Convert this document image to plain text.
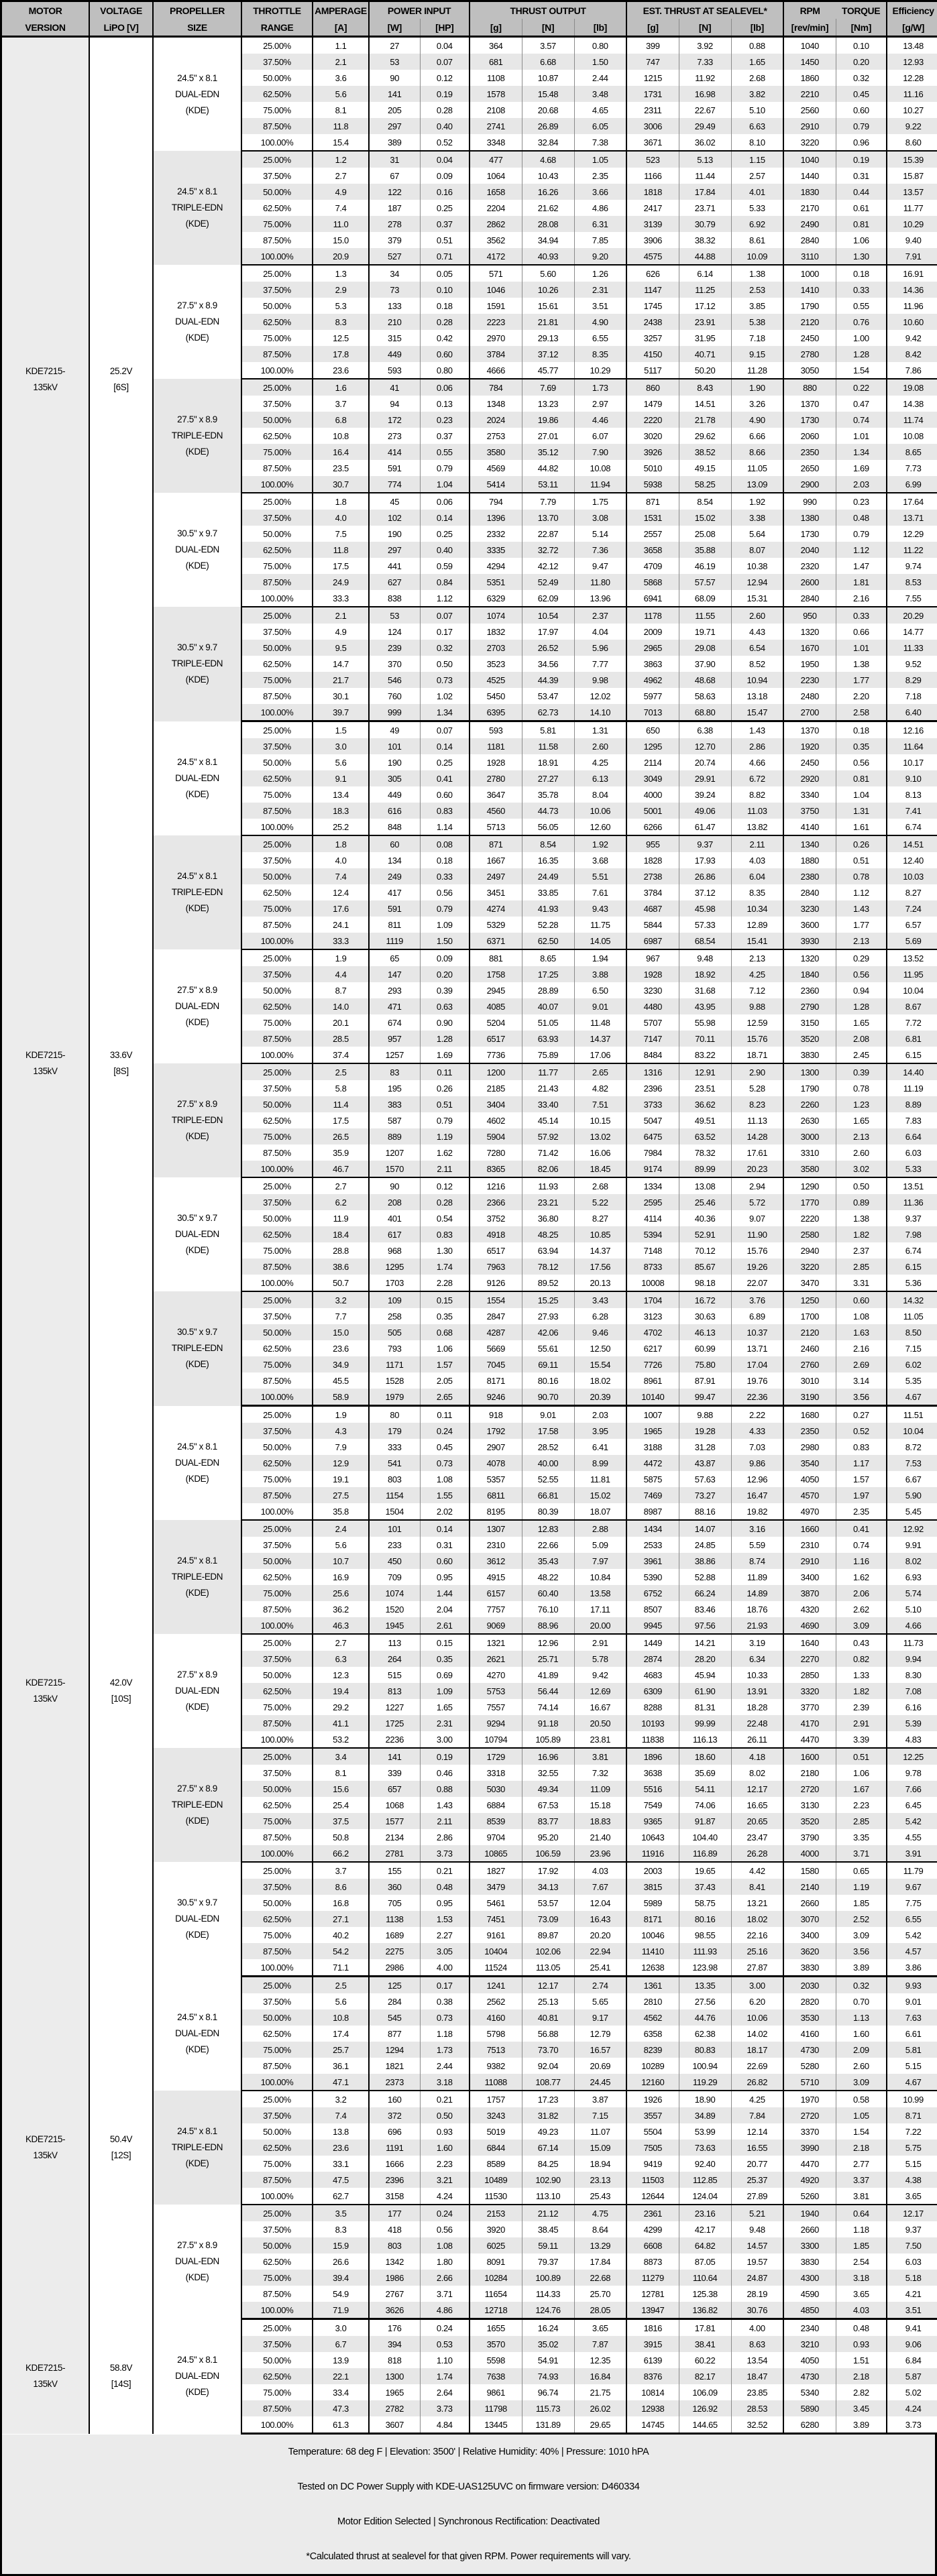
MOTOR	VOLTAGE	PROPELLER	THROTTLE	AMPERAGE	POWER INPUT		THRUST OUTPUT			EST. THRUST AT SEALEVEL*			RPM	TORQUE	Efficiency
VERSION	LiPO [V]	SIZE	RANGE	[A]	[W]	[HP]	[g]	[N]	[lb]	[g]	[N]	[lb]	[rev/min]	[Nm]	[g/W]

KDE7215-
135kV

25.2V
[6S]

24.5" x 8.1
DUAL-EDN
(KDE)
	25.00%	1.1	27	0.04	364	3.57	0.80	399	3.92	0.88	1040	0.10	13.48
			37.50%	2.1	53	0.07	681	6.68	1.50	747	7.33	1.65	1450	0.20	12.93
			50.00%	3.6	90	0.12	1108	10.87	2.44	1215	11.92	2.68	1860	0.32	12.28
			62.50%	5.6	141	0.19	1578	15.48	3.48	1731	16.98	3.82	2210	0.45	11.16
			75.00%	8.1	205	0.28	2108	20.68	4.65	2311	22.67	5.10	2560	0.60	10.27
			87.50%	11.8	297	0.40	2741	26.89	6.05	3006	29.49	6.63	2910	0.79	9.22
			100.00%	15.4	389	0.52	3348	32.84	7.38	3671	36.02	8.10	3220	0.96	8.60

		24.5" x 8.1
TRIPLE-EDN
(KDE)	25.00%	1.2	31	0.04	477	4.68	1.05	523	5.13	1.15	1040	0.19	15.39
			37.50%	2.7	67	0.09	1064	10.43	2.35	1166	11.44	2.57	1440	0.31	15.87
			50.00%	4.9	122	0.16	1658	16.26	3.66	1818	17.84	4.01	1830	0.44	13.57
			62.50%	7.4	187	0.25	2204	21.62	4.86	2417	23.71	5.33	2170	0.61	11.77
			75.00%	11.0	278	0.37	2862	28.08	6.31	3139	30.79	6.92	2490	0.81	10.29
			87.50%	15.0	379	0.51	3562	34.94	7.85	3906	38.32	8.61	2840	1.06	9.40
			100.00%	20.9	527	0.71	4172	40.93	9.20	4575	44.88	10.09	3110	1.30	7.91

		27.5" x 8.9
DUAL-EDN
(KDE)	25.00%	1.3	34	0.05	571	5.60	1.26	626	6.14	1.38	1000	0.18	16.91
			37.50%	2.9	73	0.10	1046	10.26	2.31	1147	11.25	2.53	1410	0.33	14.36
			50.00%	5.3	133	0.18	1591	15.61	3.51	1745	17.12	3.85	1790	0.55	11.96
			62.50%	8.3	210	0.28	2223	21.81	4.90	2438	23.91	5.38	2120	0.76	10.60
			75.00%	12.5	315	0.42	2970	29.13	6.55	3257	31.95	7.18	2450	1.00	9.42
			87.50%	17.8	449	0.60	3784	37.12	8.35	4150	40.71	9.15	2780	1.28	8.42
			100.00%	23.6	593	0.80	4666	45.77	10.29	5117	50.20	11.28	3050	1.54	7.86

		27.5" x 8.9
TRIPLE-EDN
(KDE)	25.00%	1.6	41	0.06	784	7.69	1.73	860	8.43	1.90	880	0.22	19.08
			37.50%	3.7	94	0.13	1348	13.23	2.97	1479	14.51	3.26	1370	0.47	14.38
			50.00%	6.8	172	0.23	2024	19.86	4.46	2220	21.78	4.90	1730	0.74	11.74
			62.50%	10.8	273	0.37	2753	27.01	6.07	3020	29.62	6.66	2060	1.01	10.08
			75.00%	16.4	414	0.55	3580	35.12	7.90	3926	38.52	8.66	2350	1.34	8.65
			87.50%	23.5	591	0.79	4569	44.82	10.08	5010	49.15	11.05	2650	1.69	7.73
			100.00%	30.7	774	1.04	5414	53.11	11.94	5938	58.25	13.09	2900	2.03	6.99

		30.5" x 9.7
DUAL-EDN
(KDE)	25.00%	1.8	45	0.06	794	7.79	1.75	871	8.54	1.92	990	0.23	17.64
			37.50%	4.0	102	0.14	1396	13.70	3.08	1531	15.02	3.38	1380	0.48	13.71
			50.00%	7.5	190	0.25	2332	22.87	5.14	2557	25.08	5.64	1730	0.79	12.29
			62.50%	11.8	297	0.40	3335	32.72	7.36	3658	35.88	8.07	2040	1.12	11.22
			75.00%	17.5	441	0.59	4294	42.12	9.47	4709	46.19	10.38	2320	1.47	9.74
			87.50%	24.9	627	0.84	5351	52.49	11.80	5868	57.57	12.94	2600	1.81	8.53
			100.00%	33.3	838	1.12	6329	62.09	13.96	6941	68.09	15.31	2840	2.16	7.55

		30.5" x 9.7
TRIPLE-EDN
(KDE)	25.00%	2.1	53	0.07	1074	10.54	2.37	1178	11.55	2.60	950	0.33	20.29
			37.50%	4.9	124	0.17	1832	17.97	4.04	2009	19.71	4.43	1320	0.66	14.77
			50.00%	9.5	239	0.32	2703	26.52	5.96	2965	29.08	6.54	1670	1.01	11.33
			62.50%	14.7	370	0.50	3523	34.56	7.77	3863	37.90	8.52	1950	1.38	9.52
			75.00%	21.7	546	0.73	4525	44.39	9.98	4962	48.68	10.94	2230	1.77	8.29
			87.50%	30.1	760	1.02	5450	53.47	12.02	5977	58.63	13.18	2480	2.20	7.18
			100.00%	39.7	999	1.34	6395	62.73	14.10	7013	68.80	15.47	2700	2.58	6.40

KDE7215-
135kV

33.6V
[8S]

24.5" x 8.1
DUAL-EDN
(KDE)
	25.00%	1.5	49	0.07	593	5.81	1.31	650	6.38	1.43	1370	0.18	12.16
			37.50%	3.0	101	0.14	1181	11.58	2.60	1295	12.70	2.86	1920	0.35	11.64
			50.00%	5.6	190	0.25	1928	18.91	4.25	2114	20.74	4.66	2450	0.56	10.17
			62.50%	9.1	305	0.41	2780	27.27	6.13	3049	29.91	6.72	2920	0.81	9.10
			75.00%	13.4	449	0.60	3647	35.78	8.04	4000	39.24	8.82	3340	1.04	8.13
			87.50%	18.3	616	0.83	4560	44.73	10.06	5001	49.06	11.03	3750	1.31	7.41
			100.00%	25.2	848	1.14	5713	56.05	12.60	6266	61.47	13.82	4140	1.61	6.74

		24.5" x 8.1
TRIPLE-EDN
(KDE)	25.00%	1.8	60	0.08	871	8.54	1.92	955	9.37	2.11	1340	0.26	14.51
			37.50%	4.0	134	0.18	1667	16.35	3.68	1828	17.93	4.03	1880	0.51	12.40
			50.00%	7.4	249	0.33	2497	24.49	5.51	2738	26.86	6.04	2380	0.78	10.03
			62.50%	12.4	417	0.56	3451	33.85	7.61	3784	37.12	8.35	2840	1.12	8.27
			75.00%	17.6	591	0.79	4274	41.93	9.43	4687	45.98	10.34	3230	1.43	7.24
			87.50%	24.1	811	1.09	5329	52.28	11.75	5844	57.33	12.89	3600	1.77	6.57
			100.00%	33.3	1119	1.50	6371	62.50	14.05	6987	68.54	15.41	3930	2.13	5.69

		27.5" x 8.9
DUAL-EDN
(KDE)	25.00%	1.9	65	0.09	881	8.65	1.94	967	9.48	2.13	1320	0.29	13.52
			37.50%	4.4	147	0.20	1758	17.25	3.88	1928	18.92	4.25	1840	0.56	11.95
			50.00%	8.7	293	0.39	2945	28.89	6.50	3230	31.68	7.12	2360	0.94	10.04
			62.50%	14.0	471	0.63	4085	40.07	9.01	4480	43.95	9.88	2790	1.28	8.67
			75.00%	20.1	674	0.90	5204	51.05	11.48	5707	55.98	12.59	3150	1.65	7.72
			87.50%	28.5	957	1.28	6517	63.93	14.37	7147	70.11	15.76	3520	2.08	6.81
			100.00%	37.4	1257	1.69	7736	75.89	17.06	8484	83.22	18.71	3830	2.45	6.15

		27.5" x 8.9
TRIPLE-EDN
(KDE)	25.00%	2.5	83	0.11	1200	11.77	2.65	1316	12.91	2.90	1300	0.39	14.40
			37.50%	5.8	195	0.26	2185	21.43	4.82	2396	23.51	5.28	1790	0.78	11.19
			50.00%	11.4	383	0.51	3404	33.40	7.51	3733	36.62	8.23	2260	1.23	8.89
			62.50%	17.5	587	0.79	4602	45.14	10.15	5047	49.51	11.13	2630	1.65	7.83
			75.00%	26.5	889	1.19	5904	57.92	13.02	6475	63.52	14.28	3000	2.13	6.64
			87.50%	35.9	1207	1.62	7280	71.42	16.06	7984	78.32	17.61	3310	2.60	6.03
			100.00%	46.7	1570	2.11	8365	82.06	18.45	9174	89.99	20.23	3580	3.02	5.33

		30.5" x 9.7
DUAL-EDN
(KDE)	25.00%	2.7	90	0.12	1216	11.93	2.68	1334	13.08	2.94	1290	0.50	13.51
			37.50%	6.2	208	0.28	2366	23.21	5.22	2595	25.46	5.72	1770	0.89	11.36
			50.00%	11.9	401	0.54	3752	36.80	8.27	4114	40.36	9.07	2220	1.38	9.37
			62.50%	18.4	617	0.83	4918	48.25	10.85	5394	52.91	11.90	2580	1.82	7.98
			75.00%	28.8	968	1.30	6517	63.94	14.37	7148	70.12	15.76	2940	2.37	6.74
			87.50%	38.6	1295	1.74	7963	78.12	17.56	8733	85.67	19.26	3220	2.85	6.15
			100.00%	50.7	1703	2.28	9126	89.52	20.13	10008	98.18	22.07	3470	3.31	5.36

		30.5" x 9.7
TRIPLE-EDN
(KDE)	25.00%	3.2	109	0.15	1554	15.25	3.43	1704	16.72	3.76	1250	0.60	14.32
			37.50%	7.7	258	0.35	2847	27.93	6.28	3123	30.63	6.89	1700	1.08	11.05
			50.00%	15.0	505	0.68	4287	42.06	9.46	4702	46.13	10.37	2120	1.63	8.50
			62.50%	23.6	793	1.06	5669	55.61	12.50	6217	60.99	13.71	2460	2.16	7.15
			75.00%	34.9	1171	1.57	7045	69.11	15.54	7726	75.80	17.04	2760	2.69	6.02
			87.50%	45.5	1528	2.05	8171	80.16	18.02	8961	87.91	19.76	3010	3.14	5.35
			100.00%	58.9	1979	2.65	9246	90.70	20.39	10140	99.47	22.36	3190	3.56	4.67

KDE7215-
135kV

42.0V
[10S]

24.5" x 8.1
DUAL-EDN
(KDE)
	25.00%	1.9	80	0.11	918	9.01	2.03	1007	9.88	2.22	1680	0.27	11.51
			37.50%	4.3	179	0.24	1792	17.58	3.95	1965	19.28	4.33	2350	0.52	10.04
			50.00%	7.9	333	0.45	2907	28.52	6.41	3188	31.28	7.03	2980	0.83	8.72
			62.50%	12.9	541	0.73	4078	40.00	8.99	4472	43.87	9.86	3540	1.17	7.53
			75.00%	19.1	803	1.08	5357	52.55	11.81	5875	57.63	12.96	4050	1.57	6.67
			87.50%	27.5	1154	1.55	6811	66.81	15.02	7469	73.27	16.47	4570	1.97	5.90
			100.00%	35.8	1504	2.02	8195	80.39	18.07	8987	88.16	19.82	4970	2.35	5.45

		24.5" x 8.1
TRIPLE-EDN
(KDE)	25.00%	2.4	101	0.14	1307	12.83	2.88	1434	14.07	3.16	1660	0.41	12.92
			37.50%	5.6	233	0.31	2310	22.66	5.09	2533	24.85	5.59	2310	0.74	9.91
			50.00%	10.7	450	0.60	3612	35.43	7.97	3961	38.86	8.74	2910	1.16	8.02
			62.50%	16.9	709	0.95	4915	48.22	10.84	5390	52.88	11.89	3400	1.62	6.93
			75.00%	25.6	1074	1.44	6157	60.40	13.58	6752	66.24	14.89	3870	2.06	5.74
			87.50%	36.2	1520	2.04	7757	76.10	17.11	8507	83.46	18.76	4320	2.62	5.10
			100.00%	46.3	1945	2.61	9069	88.96	20.00	9945	97.56	21.93	4690	3.09	4.66

		27.5" x 8.9
DUAL-EDN
(KDE)	25.00%	2.7	113	0.15	1321	12.96	2.91	1449	14.21	3.19	1640	0.43	11.73
			37.50%	6.3	264	0.35	2621	25.71	5.78	2874	28.20	6.34	2270	0.82	9.94
			50.00%	12.3	515	0.69	4270	41.89	9.42	4683	45.94	10.33	2850	1.33	8.30
			62.50%	19.4	813	1.09	5753	56.44	12.69	6309	61.90	13.91	3320	1.82	7.08
			75.00%	29.2	1227	1.65	7557	74.14	16.67	8288	81.31	18.28	3770	2.39	6.16
			87.50%	41.1	1725	2.31	9294	91.18	20.50	10193	99.99	22.48	4170	2.91	5.39
			100.00%	53.2	2236	3.00	10794	105.89	23.81	11838	116.13	26.11	4470	3.39	4.83

		27.5" x 8.9
TRIPLE-EDN
(KDE)	25.00%	3.4	141	0.19	1729	16.96	3.81	1896	18.60	4.18	1600	0.51	12.25
			37.50%	8.1	339	0.46	3318	32.55	7.32	3638	35.69	8.02	2180	1.06	9.78
			50.00%	15.6	657	0.88	5030	49.34	11.09	5516	54.11	12.17	2720	1.67	7.66
			62.50%	25.4	1068	1.43	6884	67.53	15.18	7549	74.06	16.65	3130	2.23	6.45
			75.00%	37.5	1577	2.11	8539	83.77	18.83	9365	91.87	20.65	3520	2.85	5.42
			87.50%	50.8	2134	2.86	9704	95.20	21.40	10643	104.40	23.47	3790	3.35	4.55
			100.00%	66.2	2781	3.73	10865	106.59	23.96	11916	116.89	26.28	4000	3.71	3.91

		30.5" x 9.7
DUAL-EDN
(KDE)	25.00%	3.7	155	0.21	1827	17.92	4.03	2003	19.65	4.42	1580	0.65	11.79
			37.50%	8.6	360	0.48	3479	34.13	7.67	3815	37.43	8.41	2140	1.19	9.67
			50.00%	16.8	705	0.95	5461	53.57	12.04	5989	58.75	13.21	2660	1.85	7.75
			62.50%	27.1	1138	1.53	7451	73.09	16.43	8171	80.16	18.02	3070	2.52	6.55
			75.00%	40.2	1689	2.27	9161	89.87	20.20	10046	98.55	22.16	3400	3.09	5.42
			87.50%	54.2	2275	3.05	10404	102.06	22.94	11410	111.93	25.16	3620	3.56	4.57
			100.00%	71.1	2986	4.00	11524	113.05	25.41	12638	123.98	27.87	3830	3.89	3.86

KDE7215-
135kV

50.4V
[12S]

24.5" x 8.1
DUAL-EDN
(KDE)
	25.00%	2.5	125	0.17	1241	12.17	2.74	1361	13.35	3.00	2030	0.32	9.93
			37.50%	5.6	284	0.38	2562	25.13	5.65	2810	27.56	6.20	2820	0.70	9.01
			50.00%	10.8	545	0.73	4160	40.81	9.17	4562	44.76	10.06	3530	1.13	7.63
			62.50%	17.4	877	1.18	5798	56.88	12.79	6358	62.38	14.02	4160	1.60	6.61
			75.00%	25.7	1294	1.73	7513	73.70	16.57	8239	80.83	18.17	4730	2.09	5.81
			87.50%	36.1	1821	2.44	9382	92.04	20.69	10289	100.94	22.69	5280	2.60	5.15
			100.00%	47.1	2373	3.18	11088	108.77	24.45	12160	119.29	26.82	5710	3.09	4.67

		24.5" x 8.1
TRIPLE-EDN
(KDE)	25.00%	3.2	160	0.21	1757	17.23	3.87	1926	18.90	4.25	1970	0.58	10.99
			37.50%	7.4	372	0.50	3243	31.82	7.15	3557	34.89	7.84	2720	1.05	8.71
			50.00%	13.8	696	0.93	5019	49.23	11.07	5504	53.99	12.14	3370	1.54	7.22
			62.50%	23.6	1191	1.60	6844	67.14	15.09	7505	73.63	16.55	3990	2.18	5.75
			75.00%	33.1	1666	2.23	8589	84.25	18.94	9419	92.40	20.77	4470	2.77	5.15
			87.50%	47.5	2396	3.21	10489	102.90	23.13	11503	112.85	25.37	4920	3.37	4.38
			100.00%	62.7	3158	4.24	11530	113.10	25.43	12644	124.04	27.89	5260	3.81	3.65

		27.5" x 8.9
DUAL-EDN
(KDE)	25.00%	3.5	177	0.24	2153	21.12	4.75	2361	23.16	5.21	1940	0.64	12.17
			37.50%	8.3	418	0.56	3920	38.45	8.64	4299	42.17	9.48	2660	1.18	9.37
			50.00%	15.9	803	1.08	6025	59.11	13.29	6608	64.82	14.57	3300	1.85	7.50
			62.50%	26.6	1342	1.80	8091	79.37	17.84	8873	87.05	19.57	3830	2.54	6.03
			75.00%	39.4	1986	2.66	10284	100.89	22.68	11279	110.64	24.87	4300	3.18	5.18
			87.50%	54.9	2767	3.71	11654	114.33	25.70	12781	125.38	28.19	4590	3.65	4.21
			100.00%	71.9	3626	4.86	12718	124.76	28.05	13947	136.82	30.76	4850	4.03	3.51

KDE7215-
135kV

58.8V
[14S]

24.5" x 8.1
DUAL-EDN
(KDE)
	25.00%	3.0	176	0.24	1655	16.24	3.65	1816	17.81	4.00	2340	0.48	9.41
			37.50%	6.7	394	0.53	3570	35.02	7.87	3915	38.41	8.63	3210	0.93	9.06
			50.00%	13.9	818	1.10	5598	54.91	12.35	6139	60.22	13.54	4050	1.51	6.84
			62.50%	22.1	1300	1.74	7638	74.93	16.84	8376	82.17	18.47	4730	2.18	5.87
			75.00%	33.4	1965	2.64	9861	96.74	21.75	10814	106.09	23.85	5340	2.82	5.02
			87.50%	47.3	2782	3.73	11798	115.73	26.02	12938	126.92	28.53	5890	3.45	4.24
			100.00%	61.3	3607	4.84	13445	131.89	29.65	14745	144.65	32.52	6280	3.89	3.73
Temperature: 68 deg F | Elevation: 3500' | Relative Humidity: 40% | Pressure: 1010 hPA
Tested on DC Power Supply with KDE-UAS125UVC on firmware version: D460334
Motor Edition Selected | Synchronous Rectification: Deactivated
*Calculated thrust at sealevel for that given RPM. Power requirements will vary.
